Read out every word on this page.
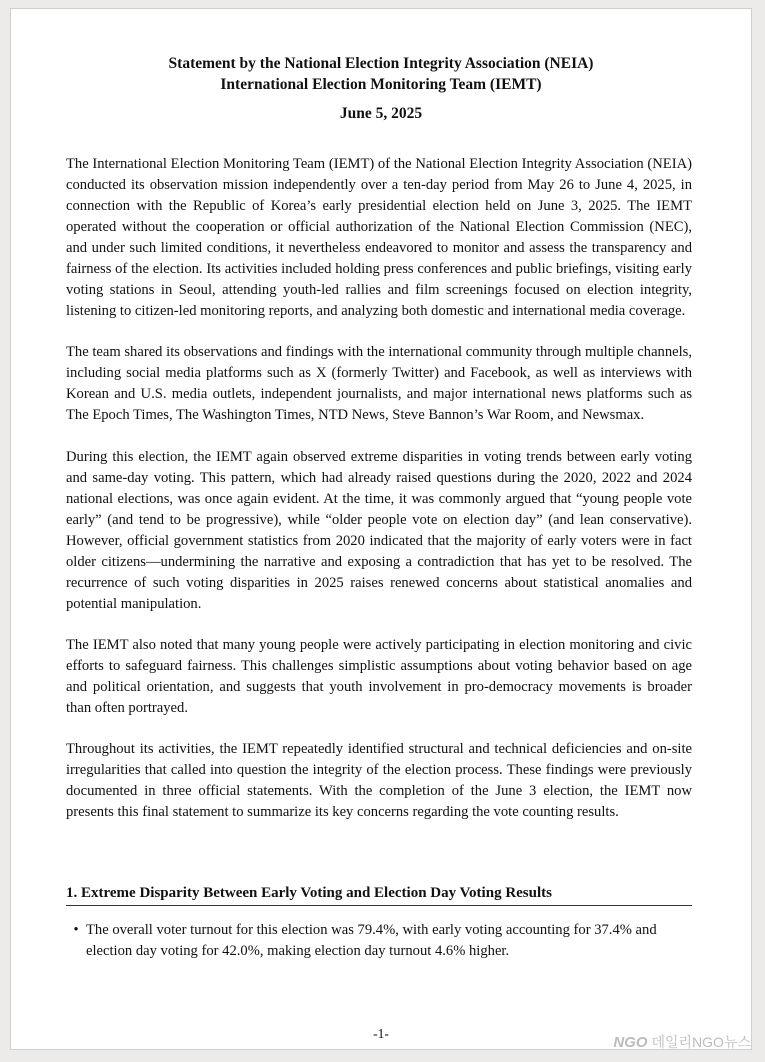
Statement by the National Election Integrity Association (NEIA)
International Election Monitoring Team (IEMT)
June 5, 2025

The International Election Monitoring Team (IEMT) of the National Election Integrity Association (NEIA) conducted its observation mission independently over a ten-day period from May 26 to June 4, 2025, in connection with the Republic of Korea’s early presidential election held on June 3, 2025. The IEMT operated without the cooperation or official authorization of the National Election Commission (NEC), and under such limited conditions, it nevertheless endeavored to monitor and assess the transparency and fairness of the election. Its activities included holding press conferences and public briefings, visiting early voting stations in Seoul, attending youth-led rallies and film screenings focused on election integrity, listening to citizen-led monitoring reports, and analyzing both domestic and international media coverage.

The team shared its observations and findings with the international community through multiple channels, including social media platforms such as X (formerly Twitter) and Facebook, as well as interviews with Korean and U.S. media outlets, independent journalists, and major international news platforms such as The Epoch Times, The Washington Times, NTD News, Steve Bannon’s War Room, and Newsmax.

During this election, the IEMT again observed extreme disparities in voting trends between early voting and same-day voting. This pattern, which had already raised questions during the 2020, 2022 and 2024 national elections, was once again evident. At the time, it was commonly argued that “young people vote early” (and tend to be progressive), while “older people vote on election day” (and lean conservative). However, official government statistics from 2020 indicated that the majority of early voters were in fact older citizens—undermining the narrative and exposing a contradiction that has yet to be resolved. The recurrence of such voting disparities in 2025 raises renewed concerns about statistical anomalies and potential manipulation.

The IEMT also noted that many young people were actively participating in election monitoring and civic efforts to safeguard fairness. This challenges simplistic assumptions about voting behavior based on age and political orientation, and suggests that youth involvement in pro-democracy movements is broader than often portrayed.

Throughout its activities, the IEMT repeatedly identified structural and technical deficiencies and on-site irregularities that called into question the integrity of the election process. These findings were previously documented in three official statements. With the completion of the June 3 election, the IEMT now presents this final statement to summarize its key concerns regarding the vote counting results.

1. Extreme Disparity Between Early Voting and Election Day Voting Results
• The overall voter turnout for this election was 79.4%, with early voting accounting for 37.4% and election day voting for 42.0%, making election day turnout 4.6% higher.
-1-	NGO 데일리NGO뉴스
